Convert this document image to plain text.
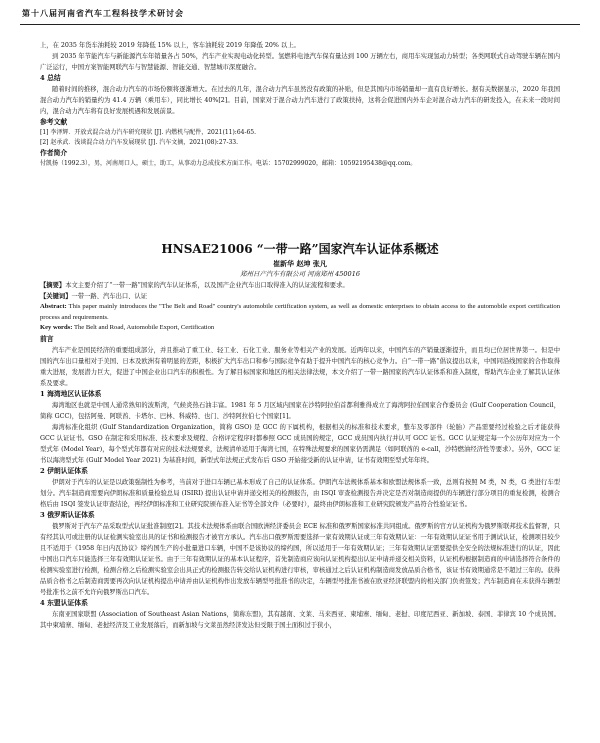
第十八届河南省汽车工程科技学术研讨会

上，在 2035 年货车油耗较 2019 年降低 15% 以上，客车油耗较 2019 年降低 20% 以上。

到 2035 年节能汽车与新能源汽车年销量各占 50%，汽车产业实现电动化转型。氢燃料电池汽车保有量达到 100 万辆左右，商用车实现氢动力转型；各类网联式自动驾驶车辆在国内广泛运行，中国方案智能网联汽车与智慧能源、智能交通、智慧城市深度融合。

4 总结

随着时间的推移，混合动力汽车的市场份额将逐渐增大。在过去的几年，混合动力汽车虽然没有政策的补贴，但是其国内市场销量却一直有良好增长。据有关数据显示，2020 年我国混合动力汽车的销量约为 41.4 万辆（乘用车），同比增长 40%[2]。目前，国家对于混合动力汽车进行了政策扶持，这将会促进国内外车企对混合动力汽车的研发投入，在未来一段时间内，混合动力汽车将有良好发展机遇和发展前景。

参考文献

[1] 李泽辉．开放式混合动力汽车研究现状 [J]. 内燃机与配件，2021(11):64-65.

[2] 赵承武．浅谈混合动力汽车发展现状 [J]. 汽车文摘，2021(08):27-33.

作者简介

付凯扬（1992.3），男，河南周口人，硕士，助工，从事动力总成技术方面工作。电话：15702999020，邮箱：10592195438@qq.com。

HNSAE21006 “一带一路”国家汽车认证体系概述

崔新华 赵坤 张凡

郑州日产汽车有限公司 河南郑州 450016

【摘要】本文主要介绍了“一带一路”国家的汽车认证体系，以及国产企业汽车出口取得准入的认证流程和要求。

【关键词】一带一路、汽车出口、认证

Abstract: This paper mainly introduces the "The Belt and Road" country's automobile certification system, as well as domestic enterprises to obtain access to the automobile export certification process and requirements.

Key words: The Belt and Road, Automobile Export, Certification

前言

汽车产业是国民经济的重要组成部分，并且推动了重工业、轻工业、石化工业、服务业等相关产业的发展。近两年以来，中国汽车的产销量逐渐提升，而且均已位居世界第一。但是中国的汽车出口量相对于美国、日本及欧洲有着明显的差距，积极扩大汽车出口和参与国际竞争有助于提升中国汽车的核心竞争力。自“一带一路”倡议提出以来，中国同沿线国家的合作取得重大进展，发展潜力巨大，促进了中国企业出口汽车的积极性。为了解目标国家和地区的相关法律法规，本文介绍了一带一路国家的汽车认证体系和准入制度，帮助汽车企业了解其认证体系及要求。

1 海湾地区认证体系

海湾地区也就是中国人通常熟知的波斯湾，气候炎热石油丰富。1981 年 5 月区域内国家在沙特阿拉伯首都利雅得成立了海湾阿拉伯国家合作委员会 (Gulf Cooperation Council，简称 GCC)，包括阿曼、阿联酋、卡塔尔、巴林、科威特、也门、沙特阿拉伯七个国家[1]。

海湾标准化组织 (Gulf Standardization Organization，简称 GSO) 是 GCC 的下属机构，根据相关的标准和技术要求，整车及零部件（轮胎）产品需要经过检验之后才能获得 GCC 认证证书。GSO 在制定和采用标准、技术要求及规程、合格评定程序时都参照 GCC 成员国的规定，GCC 成员国内执行并认可 GCC 证书。GCC 认证规定每一个公历年对应为一个型式年 (Model Year)，每个型式年都有对应的技术法规要求，法规清单适用于海湾七国，在特殊法规要求的国家仍需满足（如阿联酋的 e-call，沙特燃油经济性等要求）。另外，GCC 证书以海湾型式年 (Gulf Model Year 2021) 为基准时间，新型式年法规正式发布后 GSO 开始接受新的认证申请，证书有效期至型式年年终。

2 伊朗认证体系

伊朗对于汽车的认证是以政策强制性为参考，当前对于进口车辆已基本形成了自己的认证体系。伊朗汽车法规体系基本和欧盟法规体系一致，总则有按照 M 类，N 类，G 类进行车型划分。汽车制造商需要向伊朗标准和质量检验总局 (ISIRI) 提出认证申请并递交相关的检测报告，由 ISQI 审查检测报告并决定是否对制造商提供的车辆进行部分项目的重复检测，检测合格后由 ISQI 签发认证审查结论，再经伊朗标准和工业研究院颁布准入证书等全部文件（必要时），最终由伊朗标准和工业研究院颁发产品符合性验证证书。

3 俄罗斯认证体系

俄罗斯对于汽车产品采取型式认证批准制度[2]。其技术法规体系由联合国欧洲经济委员会 ECE 标准和俄罗斯国家标准共同组成。俄罗斯的官方认证机构为俄罗斯联邦技术监督署，只有经其认可或注册的认证检测实验室出具的证书和检测报告才被官方承认。汽车出口俄罗斯需要选择一家有效期认证或三年有效期认证：一年有效期认证证书用于测试认证，检测项目较少且不适用于《1958 年日内瓦协议》缔约国生产的小批量进口车辆，中国不是该协议的缔约国，所以适用于一年有效期认证；三年有效期认证需要提供全安全的法规标准进行的认证，因此中国出口汽车只能选择三年有效期认证证书。由于三年有效期认证的基本认证程序，首先制造商应该向认证机构提出认证申请并递交相关资料，认证机构根据制造商的申请选择符合条件的检测实验室进行检测，检测合格之后检测实验室会出具正式的检测报告转交给认证机构进行审核，审核通过之后认证机构制造商发放品质合格书，该证书有效期通常是不超过三年的。获得品质合格书之后制造商需要再次向认证机构提出申请并由认证机构作出发放车辆型号批准书的决定，车辆型号批准书被在欧亚经济联盟内的相关部门负责签发；汽车制造商在未获得车辆型号批准书之前不允许向俄罗斯出口汽车。

4 东盟认证体系

东南亚国家联盟 (Association of Southeast Asian Nations，简称东盟)，其有越南、文莱、马来西亚、柬埔寨、缅甸、老挝、印度尼西亚、新加坡、泰国、菲律宾 10 个成员国。其中柬埔寨、缅甸、老挝经济及工业发展落后，而新加坡与文莱虽然经济发达但受限于国土面积过于狭小，
